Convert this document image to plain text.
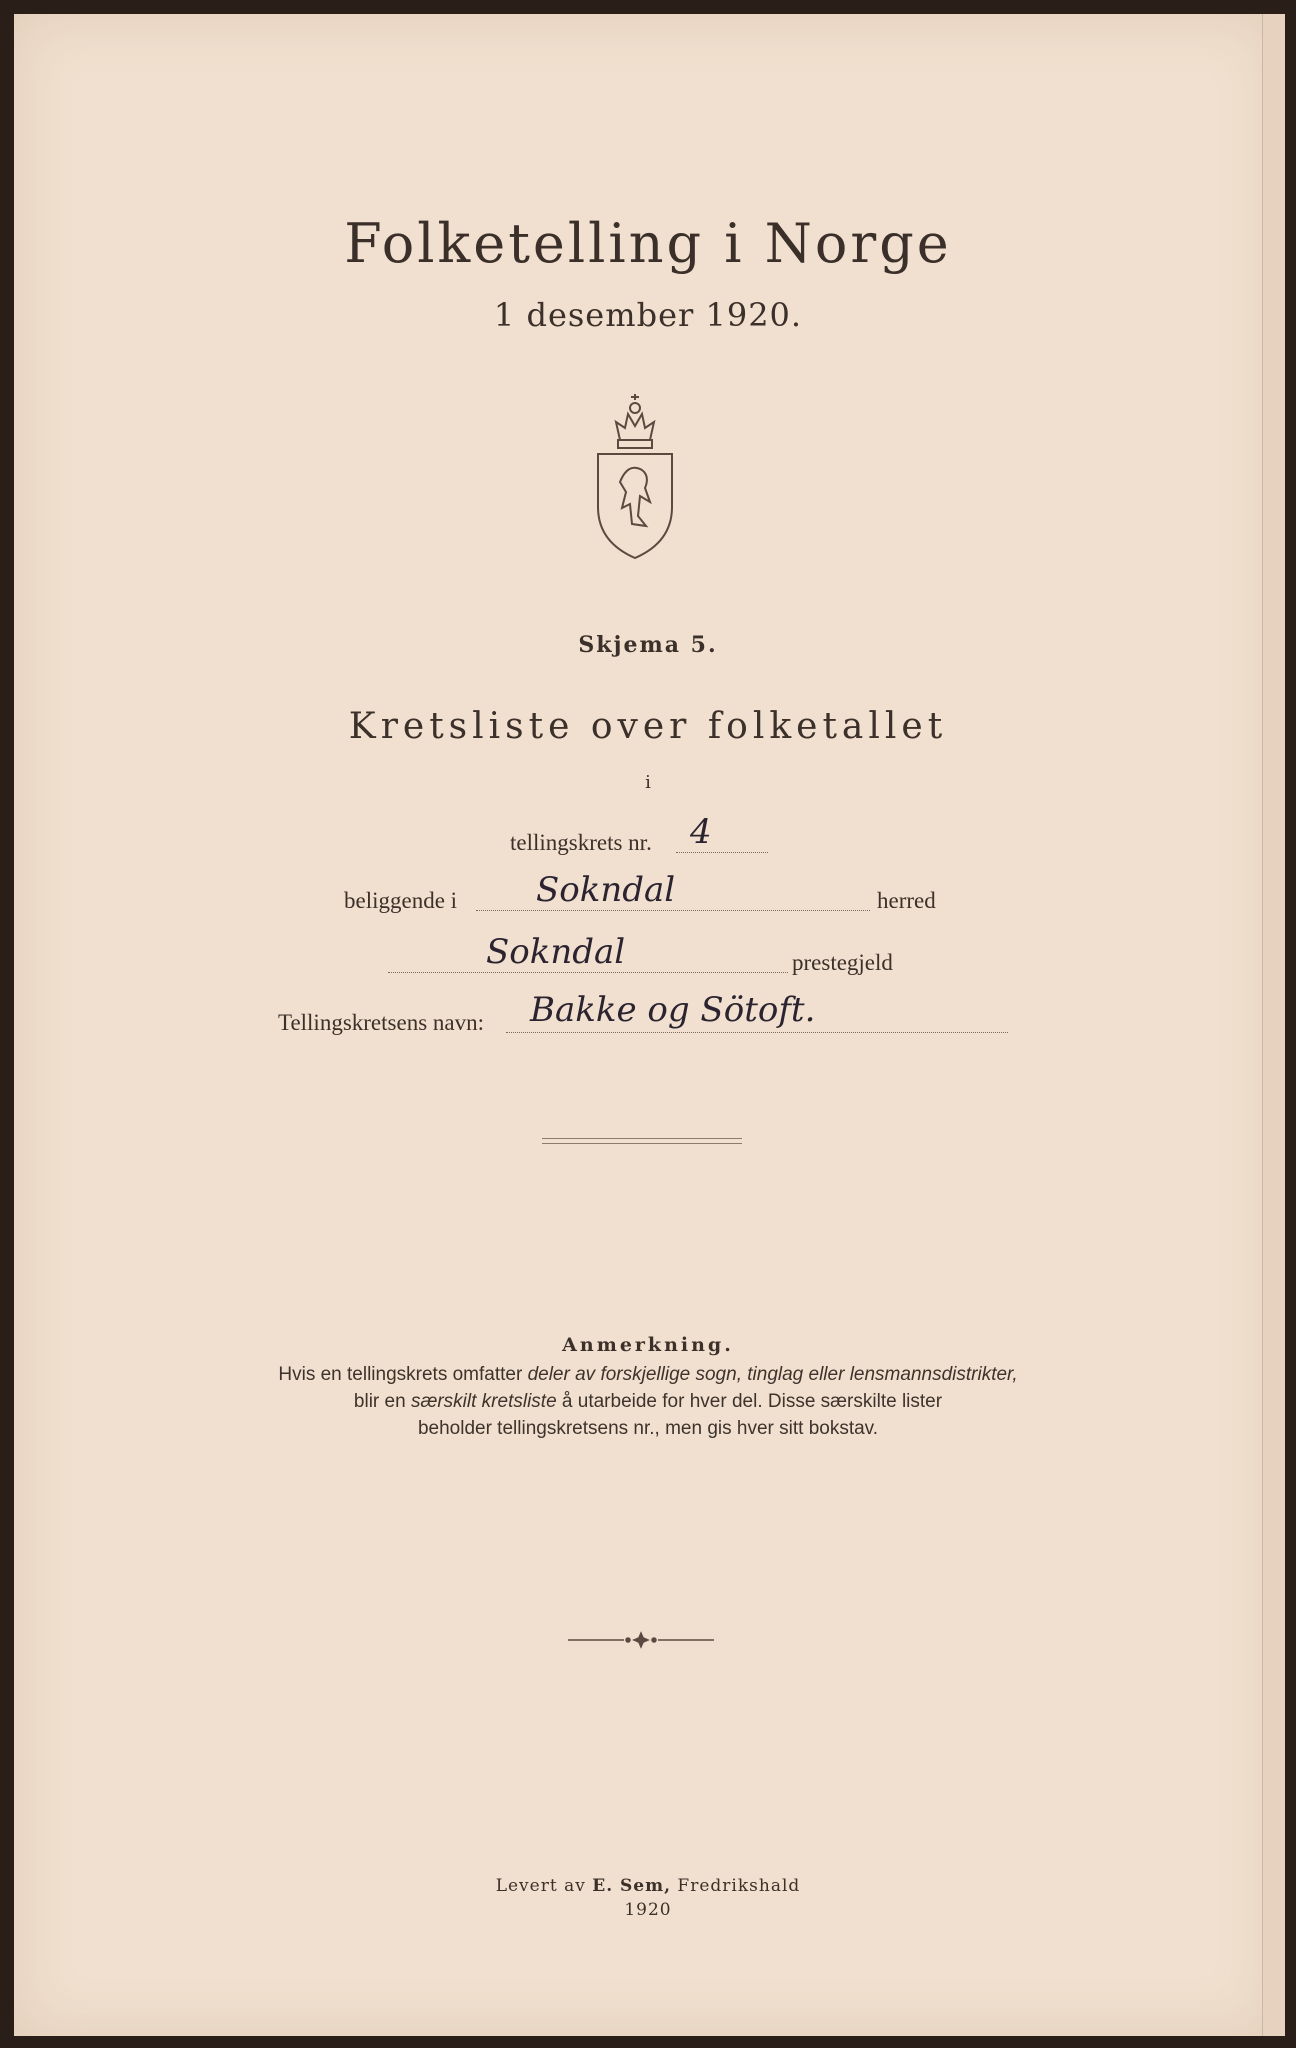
Folketelling i Norge
1 desember 1920.
Skjema 5.
Kretsliste over folketallet
i
tellingskrets nr. 4
beliggende i Sokndal	herred
Sokndal	prestegjeld
Tellingskretsens navn: Bakke og Sötoft.
Anmerkning.
Hvis en tellingskrets omfatter deler av forskjellige sogn, tinglag eller lensmannsdistrikter,
blir en særskilt kretsliste å utarbeide for hver del. Disse særskilte lister
beholder tellingskretsens nr., men gis hver sitt bokstav.
Levert av E. Sem, Fredrikshald
1920
